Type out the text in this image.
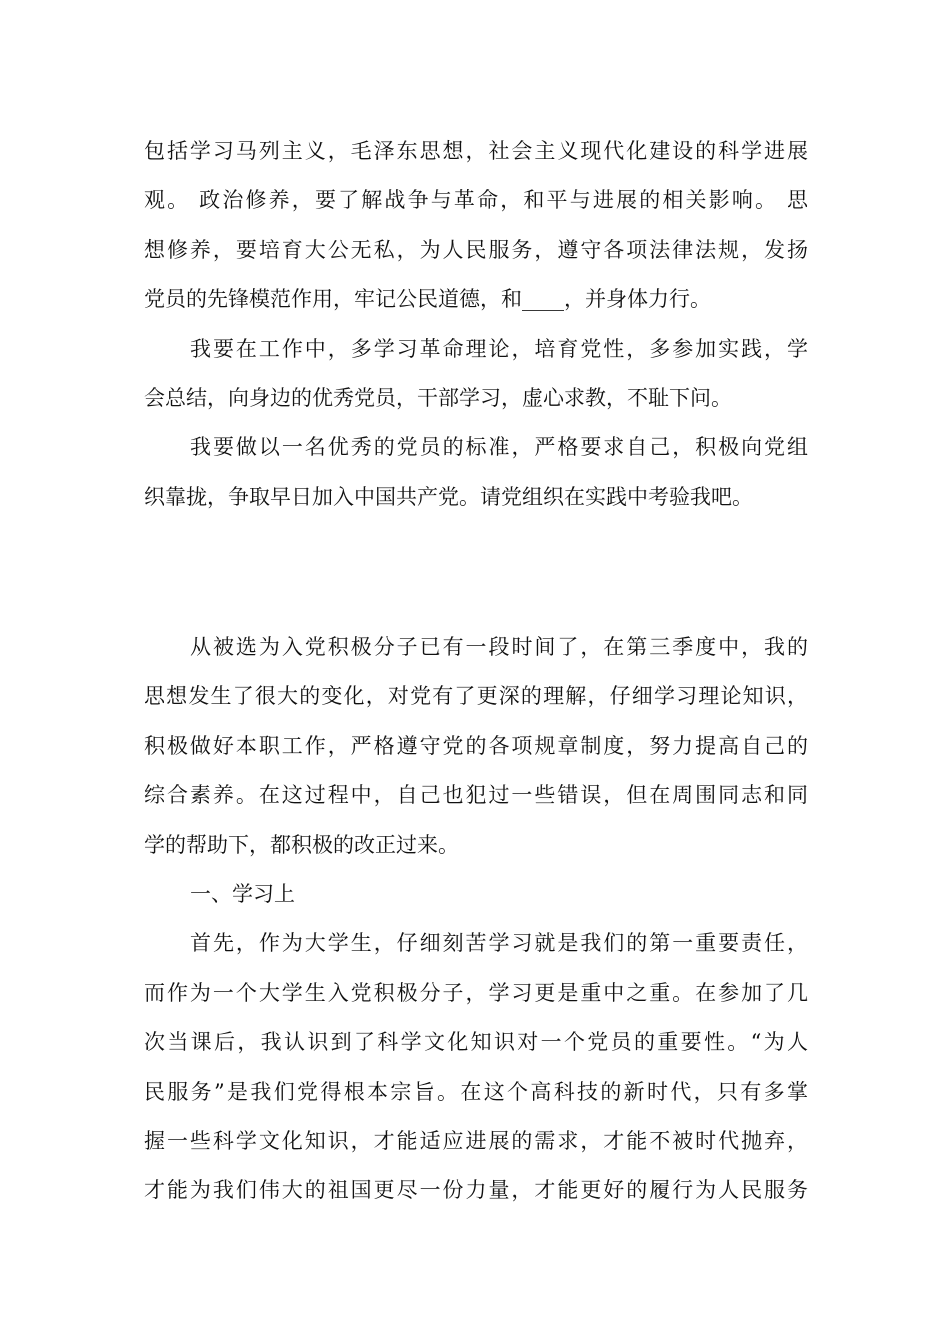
包括学习马列主义，毛泽东思想，社会主义现代化建设的科学进展
观。 政治修养，要了解战争与革命，和平与进展的相关影响。 思
想修养，要培育大公无私，为人民服务，遵守各项法律法规，发扬
党员的先锋模范作用，牢记公民道德，和____，并身体力行。
我要在工作中，多学习革命理论，培育党性，多参加实践，学
会总结，向身边的优秀党员，干部学习，虚心求教，不耻下问。
我要做以一名优秀的党员的标准，严格要求自己，积极向党组
织靠拢，争取早日加入中国共产党。请党组织在实践中考验我吧。
从被选为入党积极分子已有一段时间了，在第三季度中，我的
思想发生了很大的变化，对党有了更深的理解，仔细学习理论知识，
积极做好本职工作，严格遵守党的各项规章制度，努力提高自己的
综合素养。在这过程中，自己也犯过一些错误，但在周围同志和同
学的帮助下，都积极的改正过来。
一、学习上
首先，作为大学生，仔细刻苦学习就是我们的第一重要责任，
而作为一个大学生入党积极分子，学习更是重中之重。在参加了几
次当课后，我认识到了科学文化知识对一个党员的重要性。“为人
民服务”是我们党得根本宗旨。在这个高科技的新时代，只有多掌
握一些科学文化知识，才能适应进展的需求，才能不被时代抛弃，
才能为我们伟大的祖国更尽一份力量，才能更好的履行为人民服务
